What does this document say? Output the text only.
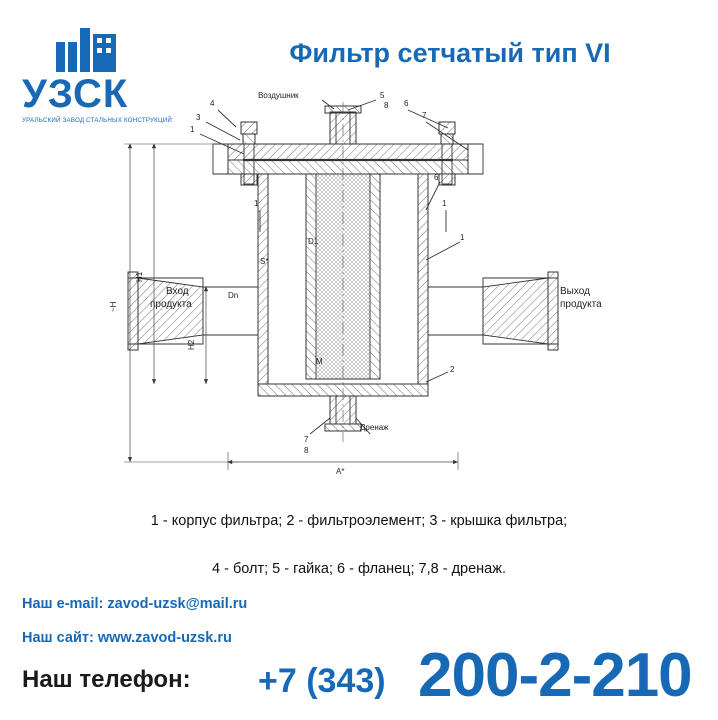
УЗСК
УРАЛЬСКИЙ ЗАВОД СТАЛЬНЫХ КОНСТРУКЦИЙ
Фильтр сетчатый тип VI
4
3
1
Воздушник	5
8 6
7
6
1	1
1
2
7
8
Дренаж
~H
H1
H2
A*
S*
D1
Dn
M
Вход
продукта
Выход
продукта
1 - корпус фильтра; 2 - фильтроэлемент; 3 - крышка фильтра;
4 - болт; 5 - гайка; 6 - фланец; 7,8 - дренаж.
Наш e-mail: zavod-uzsk@mail.ru
Наш сайт: www.zavod-uzsk.ru
Наш телефон: +7 (343) 200-2-210
